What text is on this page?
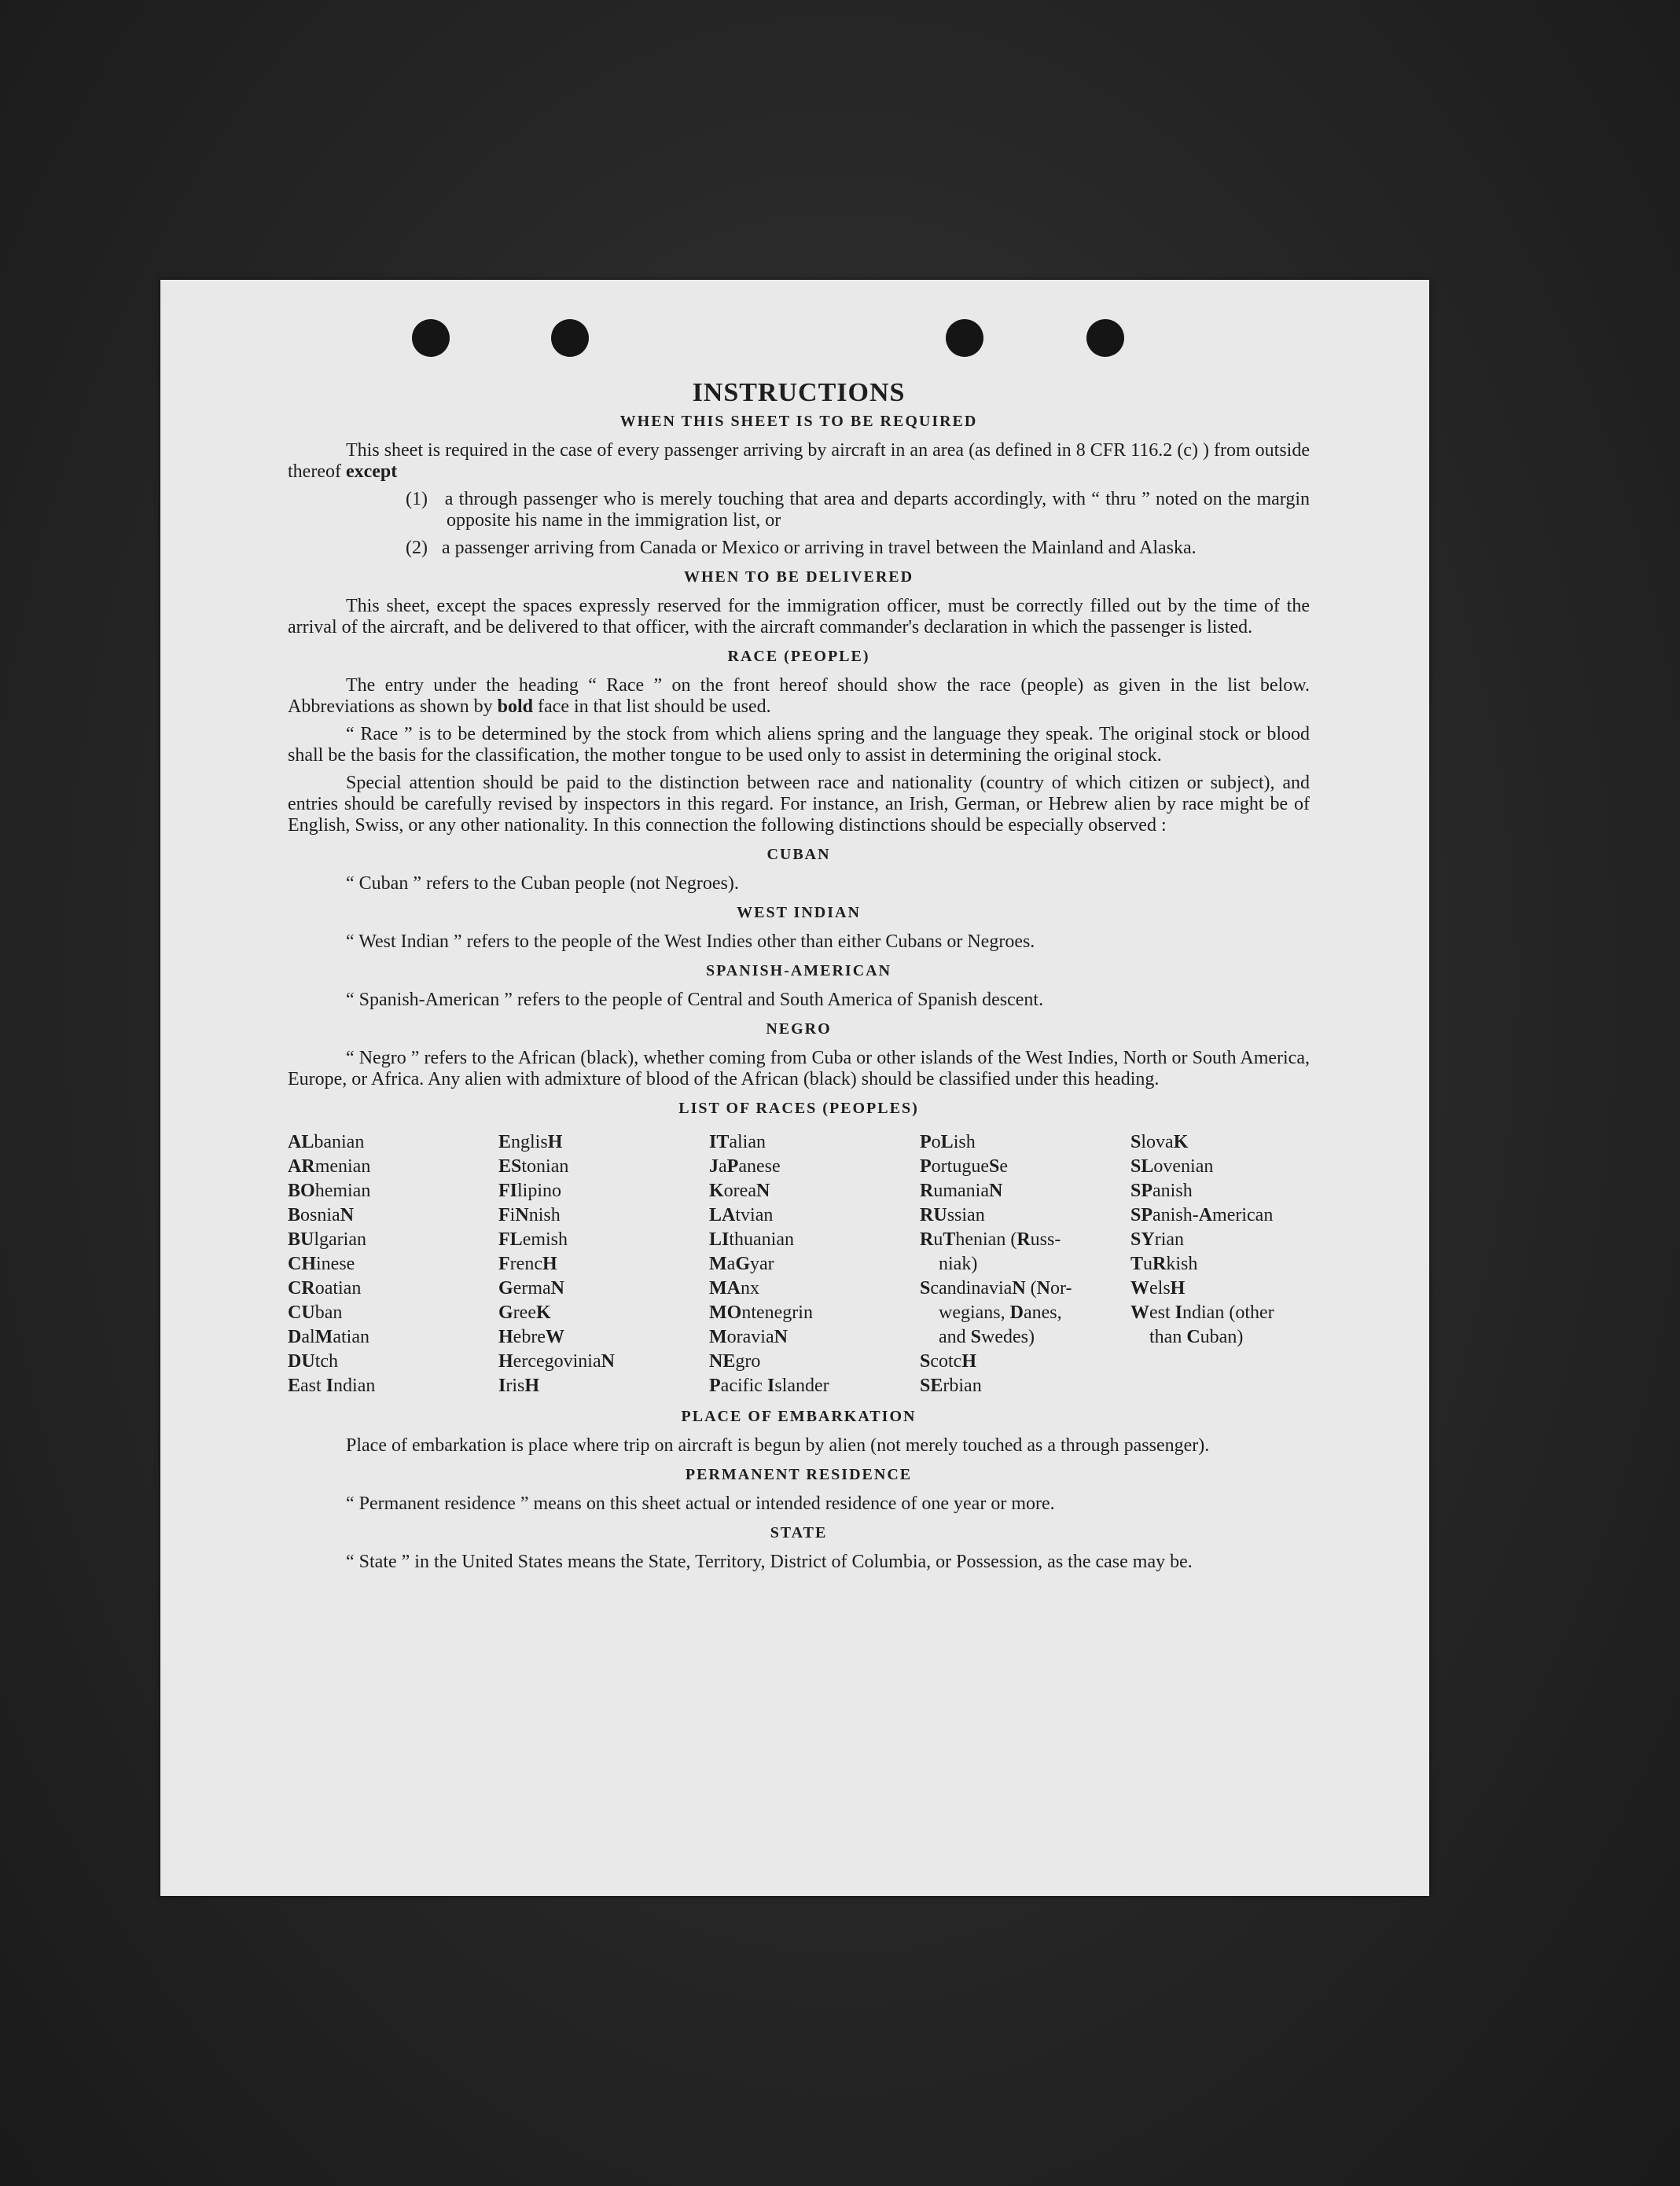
INSTRUCTIONS
WHEN THIS SHEET IS TO BE REQUIRED

This sheet is required in the case of every passenger arriving by aircraft in an area (as defined in 8 CFR 116.2 (c) ) from outside thereof except

(1) a through passenger who is merely touching that area and departs accordingly, with “ thru ” noted on the margin opposite his name in the immigration list, or

(2) a passenger arriving from Canada or Mexico or arriving in travel between the Mainland and Alaska.

WHEN TO BE DELIVERED

This sheet, except the spaces expressly reserved for the immigration officer, must be correctly filled out by the time of the arrival of the aircraft, and be delivered to that officer, with the aircraft commander's declaration in which the passenger is listed.

RACE (PEOPLE)

The entry under the heading “ Race ” on the front hereof should show the race (people) as given in the list below. Abbreviations as shown by bold face in that list should be used.

“ Race ” is to be determined by the stock from which aliens spring and the language they speak. The original stock or blood shall be the basis for the classification, the mother tongue to be used only to assist in determining the original stock.

Special attention should be paid to the distinction between race and nationality (country of which citizen or subject), and entries should be carefully revised by inspectors in this regard. For instance, an Irish, German, or Hebrew alien by race might be of English, Swiss, or any other nationality. In this connection the following distinctions should be especially observed :

CUBAN

“ Cuban ” refers to the Cuban people (not Negroes).

WEST INDIAN

“ West Indian ” refers to the people of the West Indies other than either Cubans or Negroes.

SPANISH-AMERICAN

“ Spanish-American ” refers to the people of Central and South America of Spanish descent.

NEGRO

“ Negro ” refers to the African (black), whether coming from Cuba or other islands of the West Indies, North or South America, Europe, or Africa. Any alien with admixture of blood of the African (black) should be classified under this heading.

LIST OF RACES (PEOPLES)
ALbanian
ARmenian
BOhemian
BosniaN
BUlgarian
CHinese
CRoatian
CUban
DalMatian
DUtch
East Indian
EnglisH
EStonian
FIlipino
FiNnish
FLemish
FrencH
GermaN
GreeK
HebreW
HercegoviniaN
IrisH
ITalian
JaPanese
KoreaN
LAtvian
LIthuanian
MaGyar
MAnx
MOntenegrin
MoraviaN
NEgro
Pacific Islander
PoLish
PortugueSe
RumaniaN
RUssian
RuThenian (Russ-
niak)
ScandinaviaN (Nor-
wegians, Danes,
and Swedes)
ScotcH
SErbian
SlovaK
SLovenian
SPanish
SPanish-American
SYrian
TuRkish
WelsH
West Indian (other
than Cuban)
PLACE OF EMBARKATION

Place of embarkation is place where trip on aircraft is begun by alien (not merely touched as a through passenger).

PERMANENT RESIDENCE

“ Permanent residence ” means on this sheet actual or intended residence of one year or more.

STATE

“ State ” in the United States means the State, Territory, District of Columbia, or Possession, as the case may be.
